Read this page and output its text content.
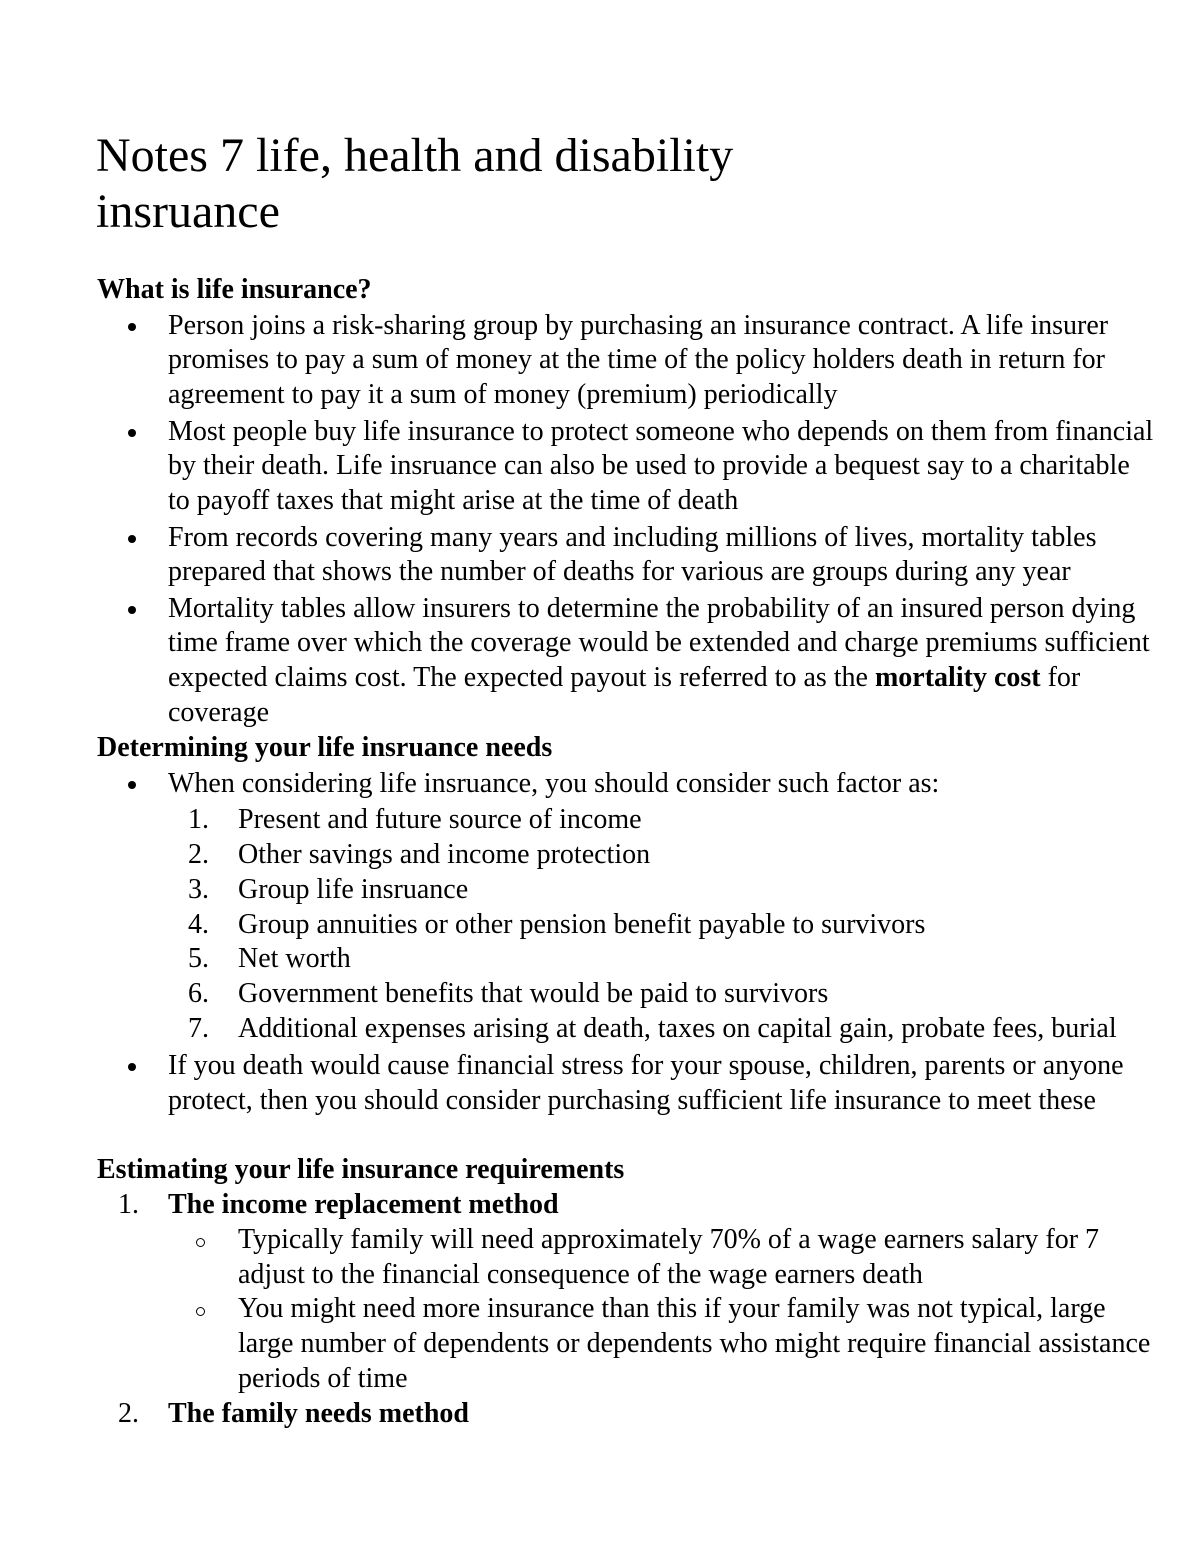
Notes 7 life, health and disability
insruance
What is life insurance?
Person joins a risk-sharing group by purchasing an insurance contract. A life insurer
promises to pay a sum of money at the time of the policy holders death in return for
agreement to pay it a sum of money (premium) periodically
Most people buy life insurance to protect someone who depends on them from financial
by their death. Life insruance can also be used to provide a bequest say to a charitable
to payoff taxes that might arise at the time of death
From records covering many years and including millions of lives, mortality tables
prepared that shows the number of deaths for various are groups during any year
Mortality tables allow insurers to determine the probability of an insured person dying
time frame over which the coverage would be extended and charge premiums sufficient
expected claims cost. The expected payout is referred to as the mortality cost for
coverage
Determining your life insruance needs
When considering life insruance, you should consider such factor as:
1. Present and future source of income
2. Other savings and income protection
3. Group life insruance
4. Group annuities or other pension benefit payable to survivors
5. Net worth
6. Government benefits that would be paid to survivors
7. Additional expenses arising at death, taxes on capital gain, probate fees, burial
If you death would cause financial stress for your spouse, children, parents or anyone
protect, then you should consider purchasing sufficient life insurance to meet these
Estimating your life insurance requirements
1. The income replacement method
Typically family will need approximately 70% of a wage earners salary for 7
adjust to the financial consequence of the wage earners death
You might need more insurance than this if your family was not typical, large
large number of dependents or dependents who might require financial assistance
periods of time
2. The family needs method
